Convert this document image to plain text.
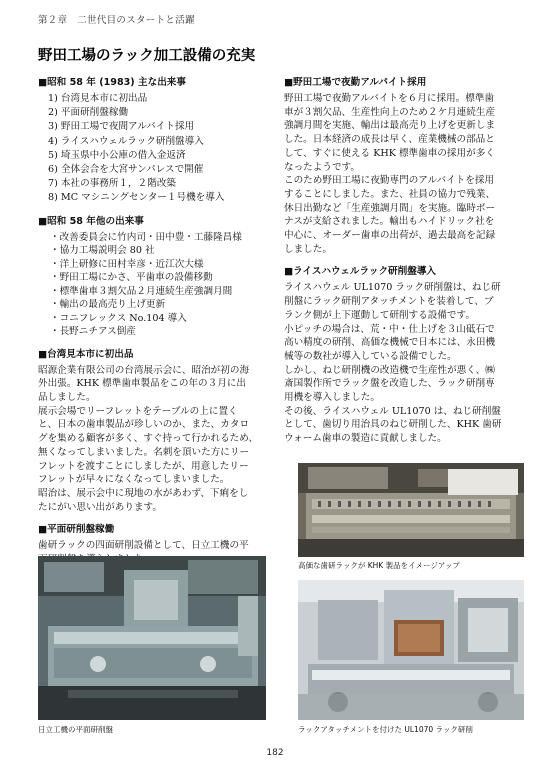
第２章　二世代目のスタートと活躍
野田工場のラック加工設備の充実
■昭和 58 年 (1983) 主な出来事
1) 台湾見本市に初出品
2) 平面研削盤稼働
3) 野田工場で夜間アルバイト採用
4) ライスハウェルラック研削盤導入
5) 埼玉県中小公庫の借入金返済
6) 全体会合を大宮サンパレスで開催
7) 本社の事務所１，２階改築
8) MC マシニングセンター１号機を導入
■昭和 58 年他の出来事
・改善委員会に竹内司・田中豊・工藤隆昌様
・協力工場説明会 80 社
・洋上研修に田村幸彦・近江次大様
・野田工場にかさ、平歯車の設備移動
・標準歯車３割欠品２月連続生産強調月間
・輸出の最高売り上げ更新
・コニフレックス No.104 導入
・長野ニチアス倒産
■台湾見本市に初出品
昭源企業有限公司の台湾展示会に、昭治が初の海
外出張。KHK 標準歯車製品をこの年の３月に出
品しました。
展示会場でリーフレットをテーブルの上に置く
と、日本の歯車製品が珍しいのか、また、カタロ
グを集める顧客が多く、すぐ持って行かれるため、
無くなってしまいました。名刺を頂いた方にリー
フレットを渡すことにしましたが、用意したリー
フレットが早々になくなってしまいました。
昭治は、展示会中に現地の水があわず、下痢をし
たにがい思い出があります。
■平面研削盤稼働
歯研ラックの四面研削設備として、日立工機の平
■野田工場で夜勤アルバイト採用
野田工場で夜勤アルバイトを６月に採用。標準歯
車が３割欠品、生産性向上のため２ケ月連続生産
強調月間を実施、輸出は最高売り上げを更新しま
した。日本経済の成長は早く、産業機械の部品と
して、すぐに使える KHK 標準歯車の採用が多く
なったようです。
このため野田工場に夜勤専門のアルバイトを採用
することにしました。また、社員の協力で残業、
休日出勤など「生産強調月間」を実施。臨時ボー
ナスが支給されました。輸出もハイドリック社を
中心に、オーダー歯車の出荷が、過去最高を記録
しました。
■ライスハウェルラック研削盤導入
ライスハウェル UL1070 ラック研削盤は、ねじ研
削盤にラック研削アタッチメントを装着して、ブ
ランク側が上下運動して研削する設備です。
小ピッチの場合は、荒・中・仕上げを３山砥石で
高い精度の研削、高価な機械で日本には、永田機
械等の数社が導入している設備でした。
しかし、ねじ研削機の改造機で生産性が悪く、㈱
斎国製作所でラック盤を改造した、ラック研削専
用機を導入しました。
その後、ライスハウェル UL1070 は、ねじ研削盤
として、歯切り用治具のねじ研削した、KHK 歯研
ウォーム歯車の製造に貢献しました。
高価な歯研ラックが KHK 製品をイメージアップ
日立工機の平面研削盤	ラックアタッチメントを付けた UL1070 ラック研削
182
